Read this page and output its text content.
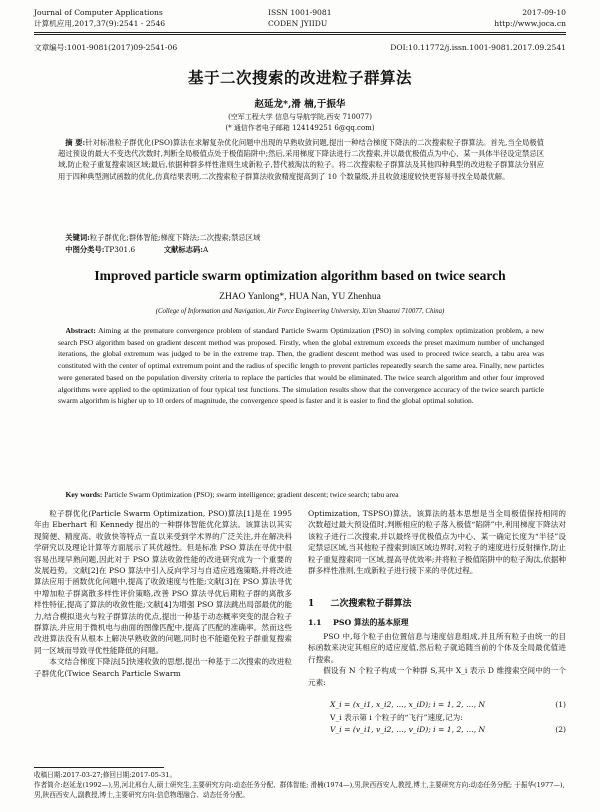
Journal of Computer Applications
计算机应用,2017,37(9):2541 - 2546
ISSN 1001-9081
CODEN JYIIDU
2017-09-10
http://www.joca.cn
文章编号:1001-9081(2017)09-2541-06	DOI:10.11772/j.issn.1001-9081.2017.09.2541
基于二次搜索的改进粒子群算法
赵延龙*,滑 楠,于振华
(空军工程大学 信息与导航学院,西安 710077)
(* 通信作者电子邮箱 124149251 6@qq.com)
摘 要:针对标准粒子群优化(PSO)算法在求解复杂优化问题中出现的早熟收敛问题,提出一种结合梯度下降法的二次搜索粒子群算法。首先,当全局极值超过预设的最大不变迭代次数时,判断全局极值点处于极值陷阱中;然后,采用梯度下降法进行二次搜索,并以最优极值点为中心、某一具体半径设定禁忌区域,防止粒子重复搜索该区域;最后,依据种群多样性准则生成新粒子,替代被淘汰的粒子。将二次搜索粒子群算法及其他四种典型的改进粒子群算法分别应用于四种典型测试函数的优化,仿真结果表明,二次搜索粒子群算法收敛精度提高到了 10 个数量级,并且收敛速度较快更容易寻找全局最优解。
关键词:粒子群优化;群体智能;梯度下降法;二次搜索;禁忌区域
中图分类号:TP301.6	文献标志码:A
Improved particle swarm optimization algorithm based on twice search
ZHAO Yanlong*, HUA Nan, YU Zhenhua
(College of Information and Navigation, Air Force Engineering University, Xi'an Shaanxi 710077, China)
Abstract: Aiming at the premature convergence problem of standard Particle Swarm Optimization (PSO) in solving complex optimization problem, a new search PSO algorithm based on gradient descent method was proposed. Firstly, when the global extremum exceeds the preset maximum number of unchanged iterations, the global extremum was judged to be in the extreme trap. Then, the gradient descent method was used to proceed twice search, a tabu area was constituted with the center of optimal extremum point and the radius of specific length to prevent particles repeatedly search the same area. Finally, new particles were generated based on the population diversity criteria to replace the particles that would be eliminated. The twice search algorithm and other four improved algorithms were applied to the optimization of four typical test functions. The simulation results show that the convergence accuracy of the twice search particle swarm algorithm is higher up to 10 orders of magnitude, the convergence speed is faster and it is easier to find the global optimal solution.
Key words: Particle Swarm Optimization (PSO); swarm intelligence; gradient descent; twice search; tabu area

粒子群优化(Particle Swarm Optimization, PSO)算法[1]是在 1995 年由 Eberhart 和 Kennedy 提出的一种群体智能优化算法。该算法以其实现简便、精度高、收敛快等特点一直以来受到学术界的广泛关注,并在解决科学研究以及理论计算等方面展示了其优越性。但是标准 PSO 算法在寻优中很容易出现早熟问题,因此对于 PSO 算法收敛性能的改进研究成为一个重要的发展趋势。文献[2]在 PSO 算法中引入反向学习与自适应逃逸策略,并将改进算法应用于函数优化问题中,提高了收敛速度与性能;文献[3]在 PSO 算法寻优中增加粒子群离散多样性评价策略,改善 PSO 算法寻优后期粒子群的离散多样性特征,提高了算法的收敛性能;文献[4]为增强 PSO 算法跳出局部最优的能力,结合模拟退火与粒子群算法的优点,提出一种基于动态概率突变的混合粒子群算法,并应用于微机电与曲面的图像匹配中,提高了匹配的准确率。然而这些改进算法没有从根本上解决早熟收敛的问题,同时也不能避免粒子群重复搜索同一区域而导致寻优性能降低的问题。

本文结合梯度下降法[5]快速收敛的思想,提出一种基于二次搜索的改进粒子群优化(Twice Search Particle Swarm

Optimization, TSPSO)算法。该算法的基本思想是当全局极值保持相同的次数超过最大预设值时,判断相应的粒子落入极值“陷阱”中,利用梯度下降法对该粒子进行二次搜索,并以最终寻优极值点为中心、某一确定长度为“半径”设定禁忌区域,当其他粒子搜索到该区域边界时,对粒子的速度进行反射操作,防止粒子重复搜索同一区域,提高寻优效率;并将粒子极值陷阱中的粒子淘汰,依据种群多样性准则,生成新粒子进行接下来的寻优过程。

1 二次搜索粒子群算法
1.1 PSO 算法的基本原理

PSO 中,每个粒子由位置信息与速度信息组成,并且所有粒子由统一的目标函数来决定其相应的适应度值,然后粒子就追随当前的个体及全局最优值进行搜索。

假设有 N 个粒子构成一个种群 S,其中 X_i 表示 D 维搜索空间中的一个元素:

X_i = (x_i1, x_i2, …, x_iD); i = 1, 2, …, N	(1)
V_i 表示第 i 个粒子的“飞行”速度,记为:
V_i = (v_i1, v_i2, …, v_iD); i = 1, 2, …, N	(2)
收稿日期:2017-03-27;修回日期:2017-05-31。
作者简介:赵延龙(1992—),男,河北邢台人,硕士研究生,主要研究方向:动态任务分配、群体智能; 滑楠(1974—),男,陕西西安人,教授,博士,主要研究方向:动态任务分配; 于振华(1977—),男,陕西西安人,副教授,博士,主要研究方向:信息物理融合、动态任务分配。
